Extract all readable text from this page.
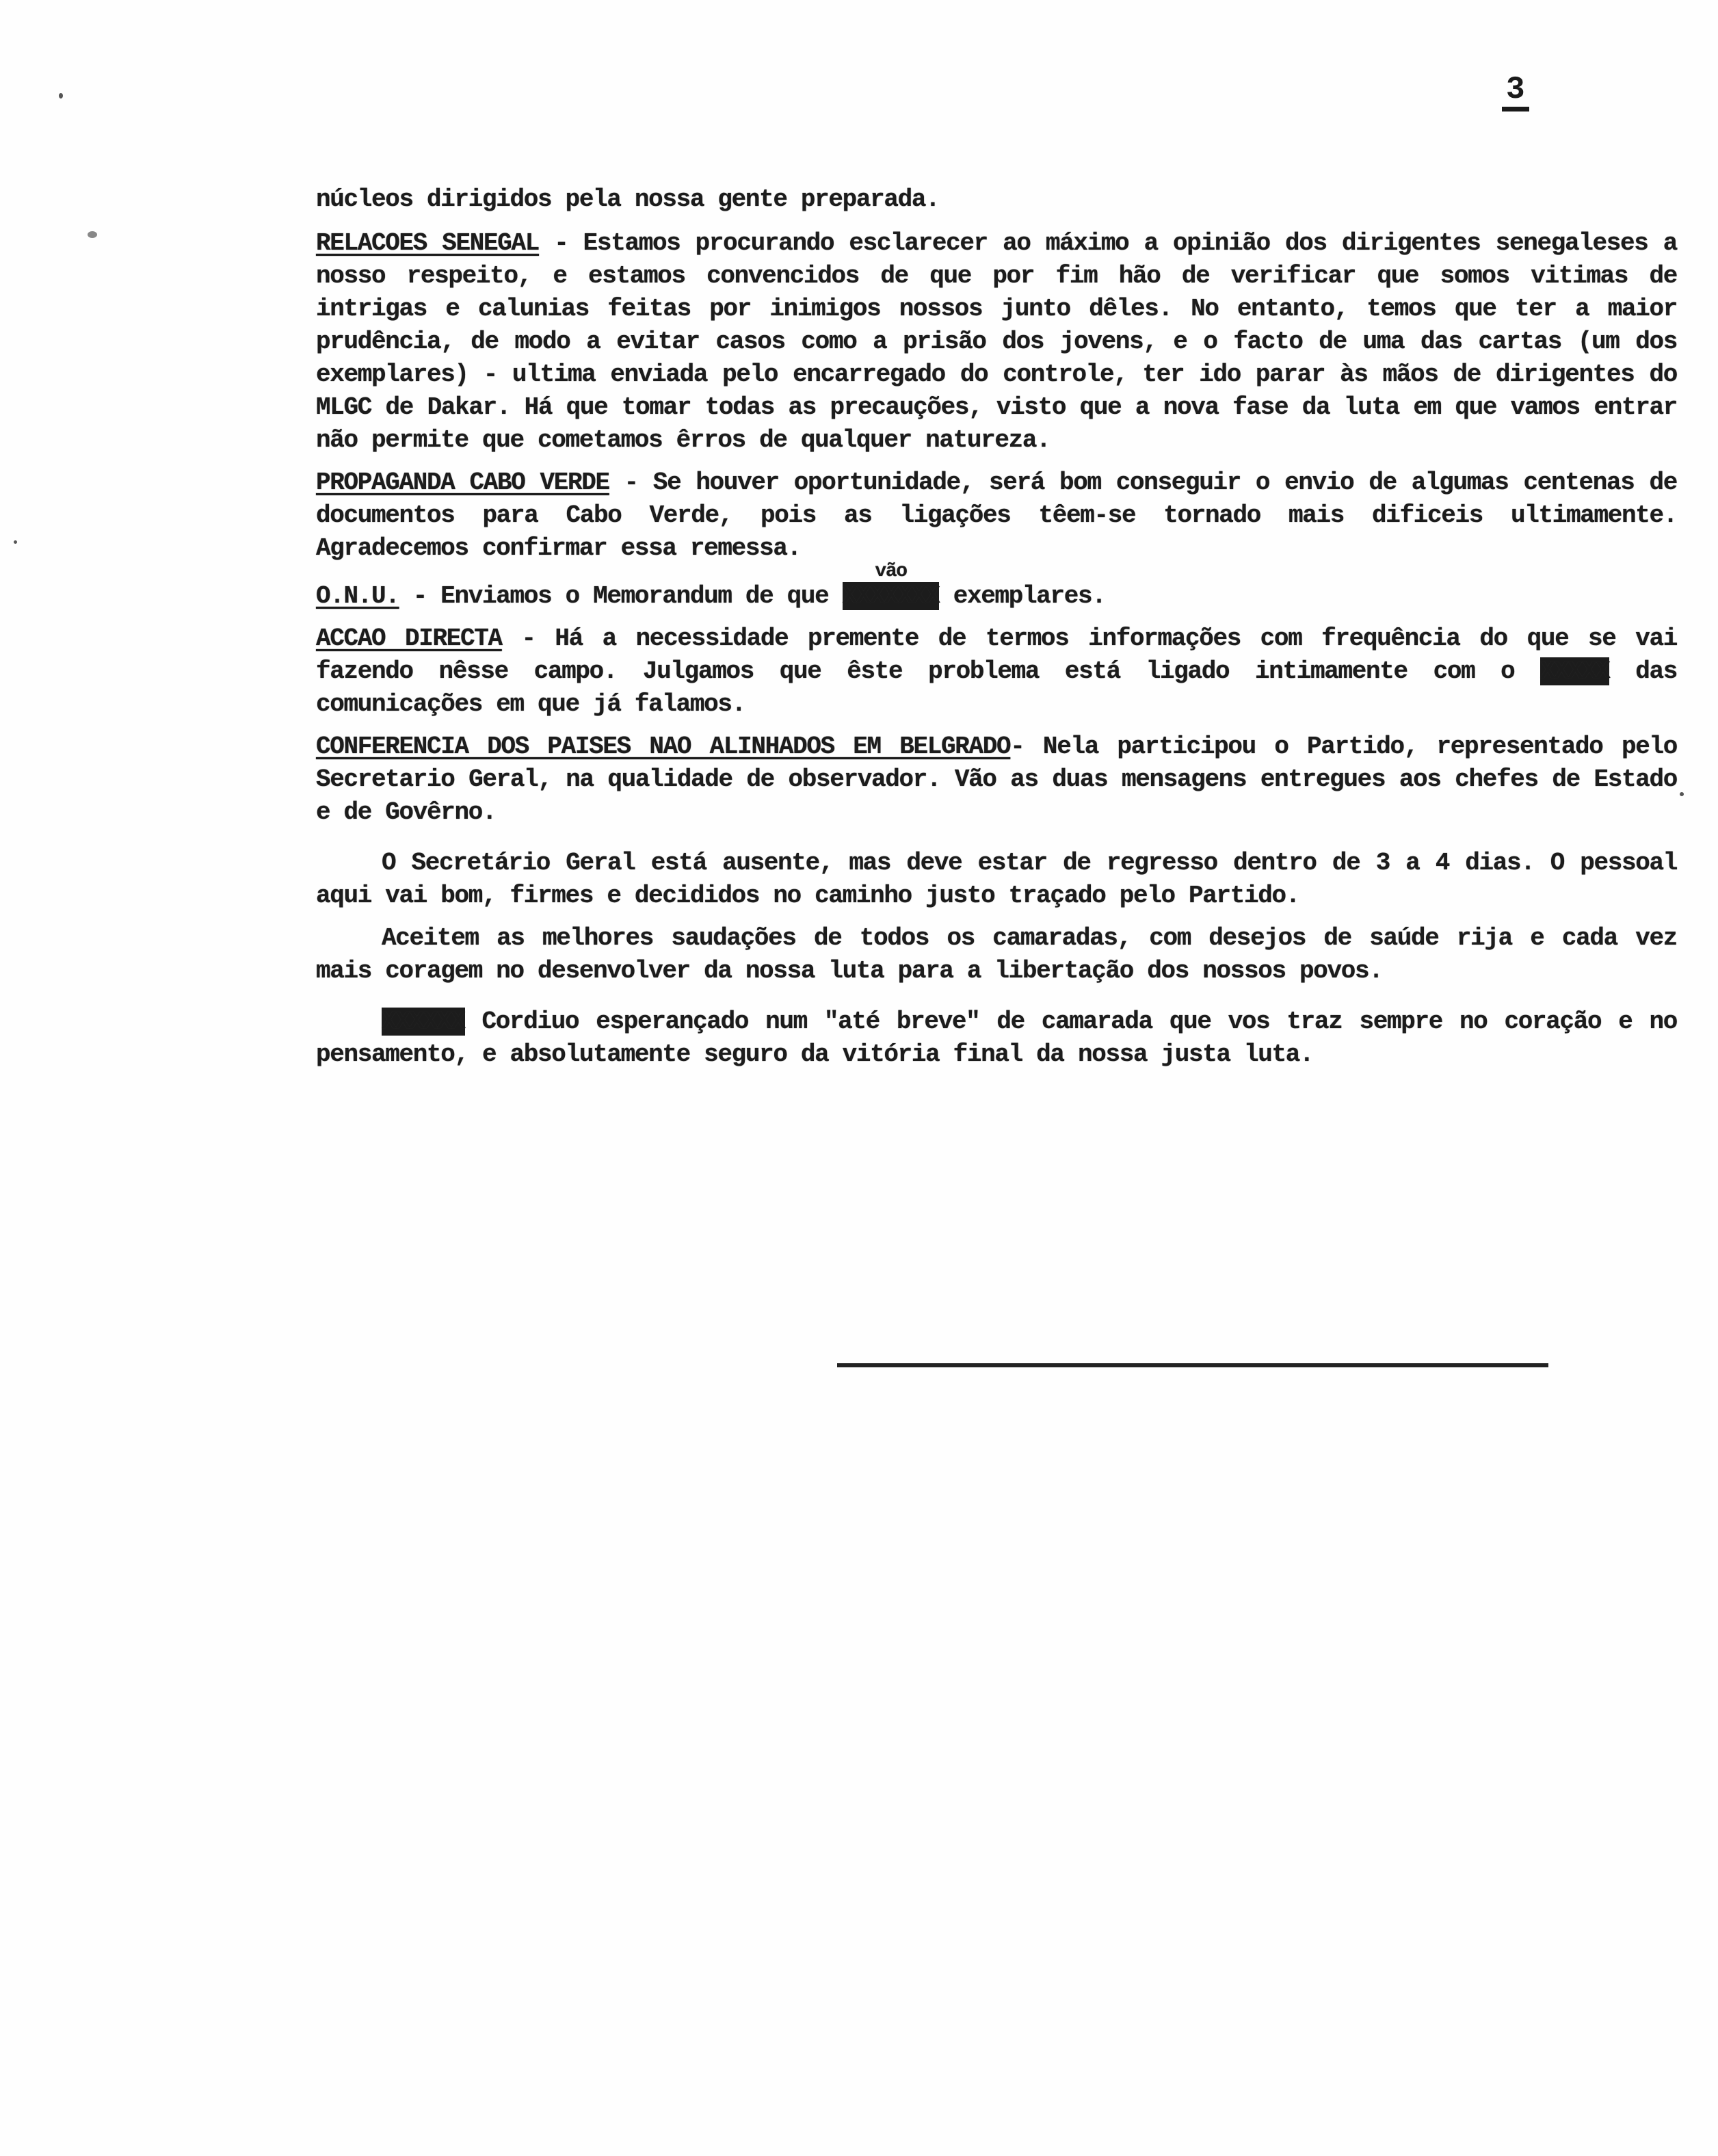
3

núcleos dirigidos pela nossa gente preparada.

RELACOES SENEGAL - Estamos procurando esclarecer ao máximo a opinião dos dirigentes senegaleses a nosso respeito, e estamos convencidos de que por fim hão de verificar que somos vitimas de intrigas e calunias feitas por inimigos nossos junto dêles. No entanto, temos que ter a maior prudência, de modo a evitar casos como a prisão dos jovens, e o facto de uma das cartas (um dos exemplares) - ultima enviada pelo encarregado do controle, ter ido parar às mãos de dirigentes do MLGC de Dakar. Há que tomar todas as precauções, visto que a nova fase da luta em que vamos entrar não permite que cometamos êrros de qualquer natureza.

PROPAGANDA CABO VERDE - Se houver oportunidade, será bom conseguir o envio de algumas centenas de documentos para Cabo Verde, pois as ligações têem-se tornado mais dificeis ultimamente. Agradecemos confirmar essa remessa.

O.N.U. - Enviamos o Memorandum de que
vão
XXXXXXX exemplares.

ACCAO DIRECTA - Há a necessidade premente de termos informações com frequência do que se vai fazendo nêsse campo. Julgamos que êste problema está ligado intimamente com o XXXXX das comunicações em que já falamos.

CONFERENCIA DOS PAISES NAO ALINHADOS EM BELGRADO- Nela participou o Partido, representado pelo Secretario Geral, na qualidade de observador. Vão as duas mensagens entregues aos chefes de Estado e de Govêrno.

O Secretário Geral está ausente, mas deve estar de regresso dentro de 3 a 4 dias. O pessoal aqui vai bom, firmes e decididos no caminho justo traçado pelo Partido.

Aceitem as melhores saudações de todos os camaradas, com desejos de saúde rija e cada vez mais coragem no desenvolver da nossa luta para a libertação dos nossos povos.

XXXXXX Cordiuo esperançado num "até breve" de camarada que vos traz sempre no coração e no pensamento, e absolutamente seguro da vitória final da nossa justa luta.
